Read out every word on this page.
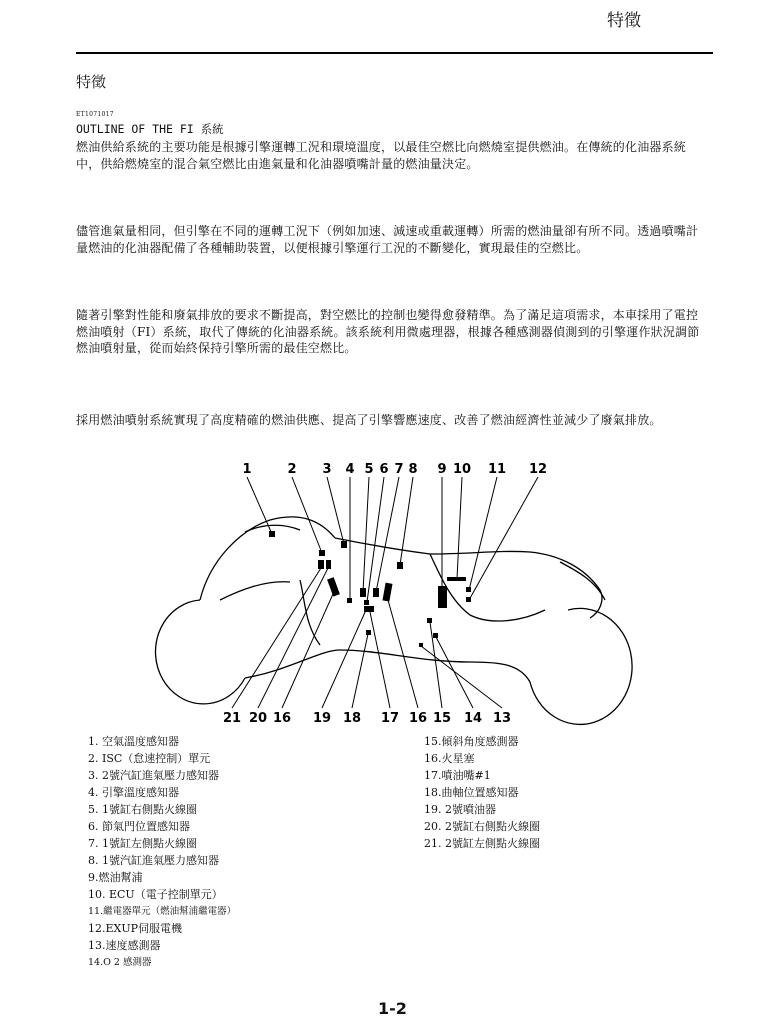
特徵
特徵
ET1071017
OUTLINE OF THE FI 系統
燃油供給系統的主要功能是根據引擎運轉工況和環境溫度，以最佳空燃比向燃燒室提供燃油。在傳統的化油器系統中，供給燃燒室的混合氣空燃比由進氣量和化油器噴嘴計量的燃油量決定。
儘管進氣量相同，但引擎在不同的運轉工況下（例如加速、減速或重載運轉）所需的燃油量卻有所不同。透過噴嘴計量燃油的化油器配備了各種輔助裝置，以便根據引擎運行工況的不斷變化，實現最佳的空燃比。
隨著引擎對性能和廢氣排放的要求不斷提高，對空燃比的控制也變得愈發精準。為了滿足這項需求，本車採用了電控燃油噴射（FI）系統，取代了傳統的化油器系統。該系統利用微處理器，根據各種感測器偵測到的引擎運作狀況調節燃油噴射量，從而始終保持引擎所需的最佳空燃比。
採用燃油噴射系統實現了高度精確的燃油供應、提高了引擎響應速度、改善了燃油經濟性並減少了廢氣排放。
1	2 3 4 5 6 7 8 9 10 11 12
21 20 16 19 18 17 16 15 14 13
1. 空氣溫度感知器
2. ISC（怠速控制）單元
3. 2號汽缸進氣壓力感知器
4. 引擎溫度感知器
5. 1號缸右側點火線圈
6. 節氣門位置感知器
7. 1號缸左側點火線圈
8. 1號汽缸進氣壓力感知器
9.燃油幫浦
10. ECU（電子控制單元）
11.繼電器單元（燃油幫浦繼電器）
12.EXUP伺服電機
13.速度感測器
14.O 2 感測器
15.傾斜角度感測器
16.火星塞
17.噴油嘴#1
18.曲軸位置感知器
19. 2號噴油器
20. 2號缸右側點火線圈
21. 2號缸左側點火線圈
1-2
